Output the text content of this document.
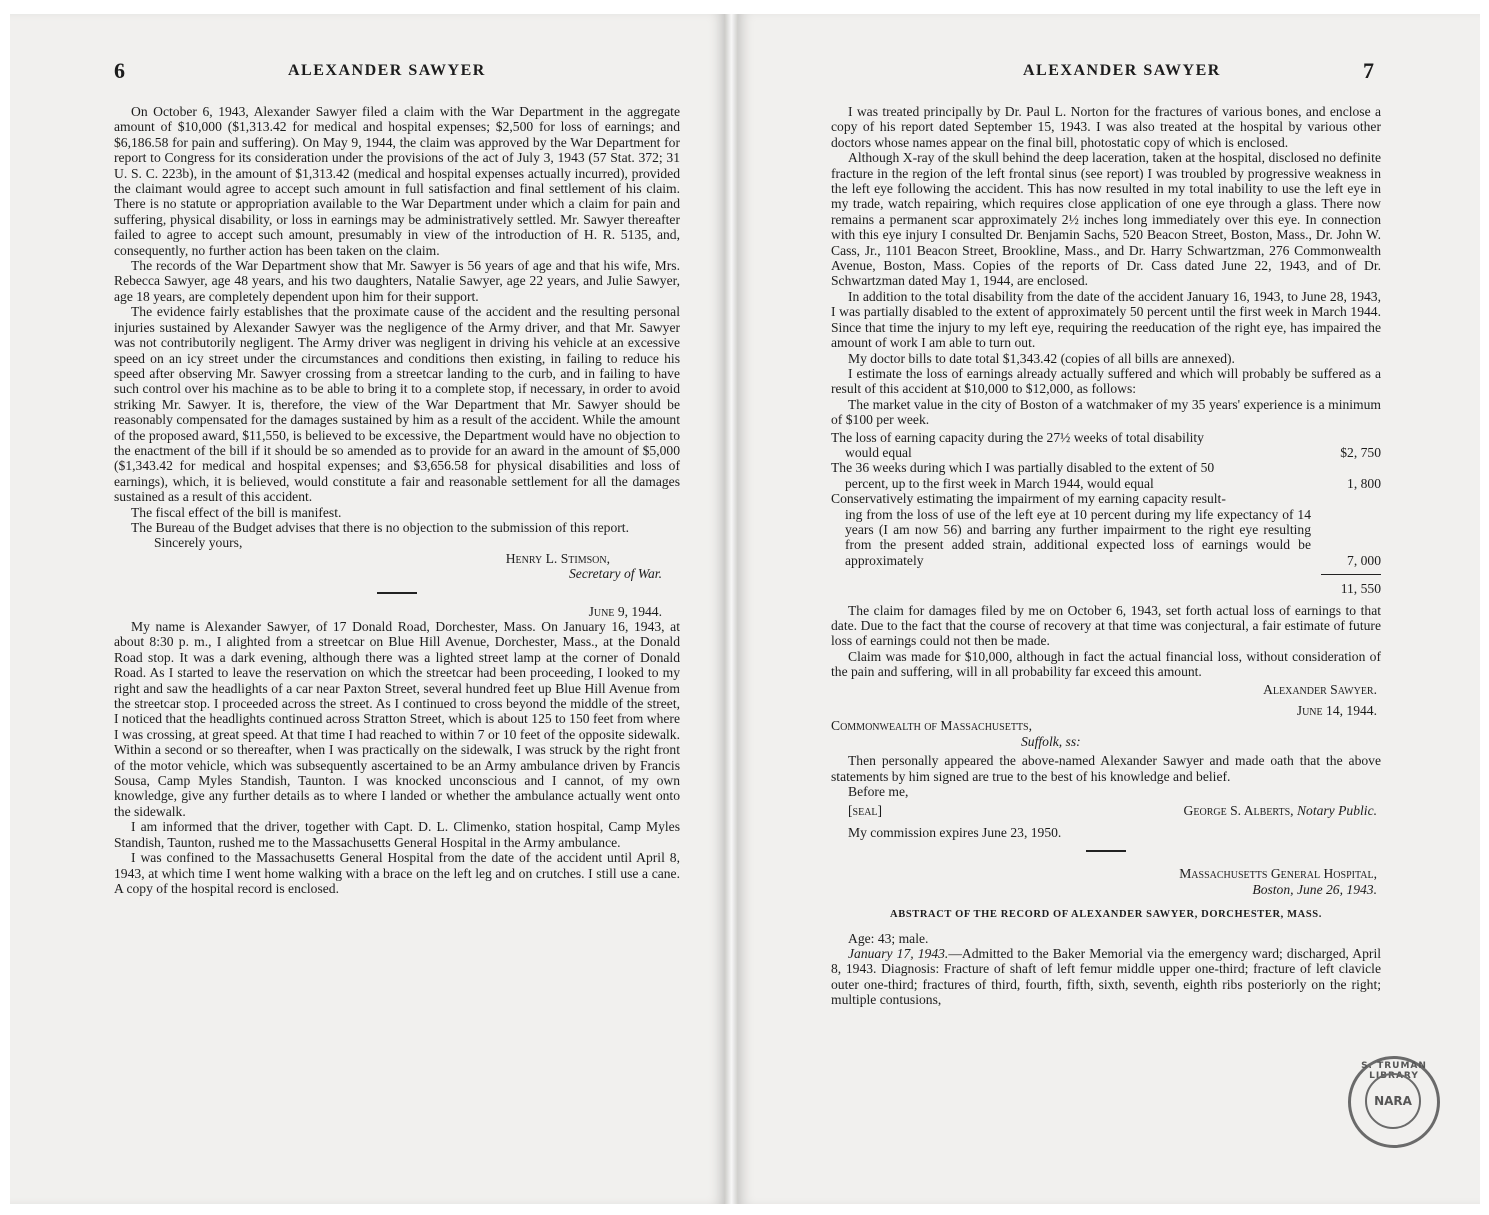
6	ALEXANDER SAWYER

On October 6, 1943, Alexander Sawyer filed a claim with the War Department in the aggregate amount of $10,000 ($1,313.42 for medical and hospital expenses; $2,500 for loss of earnings; and $6,186.58 for pain and suffering). On May 9, 1944, the claim was approved by the War Department for report to Congress for its consideration under the provisions of the act of July 3, 1943 (57 Stat. 372; 31 U. S. C. 223b), in the amount of $1,313.42 (medical and hospital expenses actually incurred), provided the claimant would agree to accept such amount in full satisfaction and final settlement of his claim. There is no statute or appropriation available to the War Department under which a claim for pain and suffering, physical disability, or loss in earnings may be administratively settled. Mr. Sawyer thereafter failed to agree to accept such amount, presumably in view of the introduction of H. R. 5135, and, consequently, no further action has been taken on the claim.

The records of the War Department show that Mr. Sawyer is 56 years of age and that his wife, Mrs. Rebecca Sawyer, age 48 years, and his two daughters, Natalie Sawyer, age 22 years, and Julie Sawyer, age 18 years, are completely dependent upon him for their support.

The evidence fairly establishes that the proximate cause of the accident and the resulting personal injuries sustained by Alexander Sawyer was the negligence of the Army driver, and that Mr. Sawyer was not contributorily negligent. The Army driver was negligent in driving his vehicle at an excessive speed on an icy street under the circumstances and conditions then existing, in failing to reduce his speed after observing Mr. Sawyer crossing from a streetcar landing to the curb, and in failing to have such control over his machine as to be able to bring it to a complete stop, if necessary, in order to avoid striking Mr. Sawyer. It is, therefore, the view of the War Department that Mr. Sawyer should be reasonably compensated for the damages sustained by him as a result of the accident. While the amount of the proposed award, $11,550, is believed to be excessive, the Department would have no objection to the enactment of the bill if it should be so amended as to provide for an award in the amount of $5,000 ($1,343.42 for medical and hospital expenses; and $3,656.58 for physical disabilities and loss of earnings), which, it is believed, would constitute a fair and reasonable settlement for all the damages sustained as a result of this accident.

The fiscal effect of the bill is manifest.

The Bureau of the Budget advises that there is no objection to the submission of this report.

Sincerely yours,

Henry L. Stimson,
Secretary of War.
June 9, 1944.

My name is Alexander Sawyer, of 17 Donald Road, Dorchester, Mass. On January 16, 1943, at about 8:30 p. m., I alighted from a streetcar on Blue Hill Avenue, Dorchester, Mass., at the Donald Road stop. It was a dark evening, although there was a lighted street lamp at the corner of Donald Road. As I started to leave the reservation on which the streetcar had been proceeding, I looked to my right and saw the headlights of a car near Paxton Street, several hundred feet up Blue Hill Avenue from the streetcar stop. I proceeded across the street. As I continued to cross beyond the middle of the street, I noticed that the headlights continued across Stratton Street, which is about 125 to 150 feet from where I was crossing, at great speed. At that time I had reached to within 7 or 10 feet of the opposite sidewalk. Within a second or so thereafter, when I was practically on the sidewalk, I was struck by the right front of the motor vehicle, which was subsequently ascertained to be an Army ambulance driven by Francis Sousa, Camp Myles Standish, Taunton. I was knocked unconscious and I cannot, of my own knowledge, give any further details as to where I landed or whether the ambulance actually went onto the sidewalk.

I am informed that the driver, together with Capt. D. L. Climenko, station hospital, Camp Myles Standish, Taunton, rushed me to the Massachusetts General Hospital in the Army ambulance.

I was confined to the Massachusetts General Hospital from the date of the accident until April 8, 1943, at which time I went home walking with a brace on the left leg and on crutches. I still use a cane. A copy of the hospital record is enclosed.

ALEXANDER SAWYER	7

I was treated principally by Dr. Paul L. Norton for the fractures of various bones, and enclose a copy of his report dated September 15, 1943. I was also treated at the hospital by various other doctors whose names appear on the final bill, photostatic copy of which is enclosed.

Although X-ray of the skull behind the deep laceration, taken at the hospital, disclosed no definite fracture in the region of the left frontal sinus (see report) I was troubled by progressive weakness in the left eye following the accident. This has now resulted in my total inability to use the left eye in my trade, watch repairing, which requires close application of one eye through a glass. There now remains a permanent scar approximately 2½ inches long immediately over this eye. In connection with this eye injury I consulted Dr. Benjamin Sachs, 520 Beacon Street, Boston, Mass., Dr. John W. Cass, Jr., 1101 Beacon Street, Brookline, Mass., and Dr. Harry Schwartzman, 276 Commonwealth Avenue, Boston, Mass. Copies of the reports of Dr. Cass dated June 22, 1943, and of Dr. Schwartzman dated May 1, 1944, are enclosed.

In addition to the total disability from the date of the accident January 16, 1943, to June 28, 1943, I was partially disabled to the extent of approximately 50 percent until the first week in March 1944. Since that time the injury to my left eye, requiring the reeducation of the right eye, has impaired the amount of work I am able to turn out.

My doctor bills to date total $1,343.42 (copies of all bills are annexed).

I estimate the loss of earnings already actually suffered and which will probably be suffered as a result of this accident at $10,000 to $12,000, as follows:

The market value in the city of Boston of a watchmaker of my 35 years' experience is a minimum of $100 per week.

The loss of earning capacity during the 27½ weeks of total disability
would equal	$2, 750
The 36 weeks during which I was partially disabled to the extent of 50
percent, up to the first week in March 1944, would equal	1, 800
Conservatively estimating the impairment of my earning capacity result-
ing from the loss of use of the left eye at 10 percent during my life expectancy of 14 years (I am now 56) and barring any further impairment to the right eye resulting from the present added strain, additional expected loss of earnings would be approximately	7, 000
11, 550

The claim for damages filed by me on October 6, 1943, set forth actual loss of earnings to that date. Due to the fact that the course of recovery at that time was conjectural, a fair estimate of future loss of earnings could not then be made.

Claim was made for $10,000, although in fact the actual financial loss, without consideration of the pain and suffering, will in all probability far exceed this amount.

Alexander Sawyer.
June 14, 1944.
Commonwealth of Massachusetts,
Suffolk, ss:

Then personally appeared the above-named Alexander Sawyer and made oath that the above statements by him signed are true to the best of his knowledge and belief.

Before me,

[seal]	George S. Alberts, Notary Public.

My commission expires June 23, 1950.

Massachusetts General Hospital,
Boston, June 26, 1943.
ABSTRACT OF THE RECORD OF ALEXANDER SAWYER, DORCHESTER, MASS.

Age: 43; male.

January 17, 1943.—Admitted to the Baker Memorial via the emergency ward; discharged, April 8, 1943. Diagnosis: Fracture of shaft of left femur middle upper one-third; fracture of left clavicle outer one-third; fractures of third, fourth, fifth, sixth, seventh, eighth ribs posteriorly on the right; multiple contusions,

S. TRUMAN LIBRARY
NARA
